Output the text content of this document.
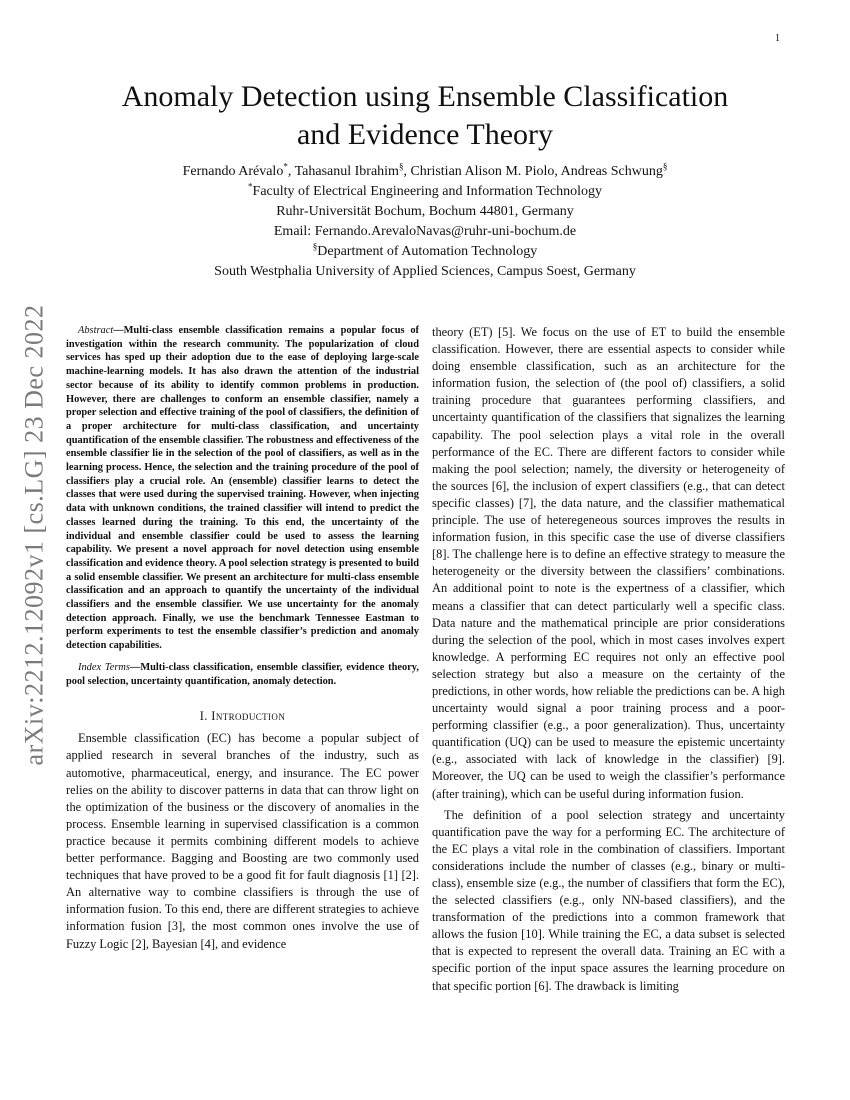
1
arXiv:2212.12092v1 [cs.LG] 23 Dec 2022
Anomaly Detection using Ensemble Classification
and Evidence Theory
Fernando Arévalo*, Tahasanul Ibrahim§, Christian Alison M. Piolo, Andreas Schwung§
*Faculty of Electrical Engineering and Information Technology
Ruhr-Universität Bochum, Bochum 44801, Germany
Email: Fernando.ArevaloNavas@ruhr-uni-bochum.de
§Department of Automation Technology
South Westphalia University of Applied Sciences, Campus Soest, Germany

Abstract—Multi-class ensemble classification remains a popular focus of investigation within the research community. The popularization of cloud services has sped up their adoption due to the ease of deploying large-scale machine-learning models. It has also drawn the attention of the industrial sector because of its ability to identify common problems in production. However, there are challenges to conform an ensemble classifier, namely a proper selection and effective training of the pool of classifiers, the definition of a proper architecture for multi-class classification, and uncertainty quantification of the ensemble classifier. The robustness and effectiveness of the ensemble classifier lie in the selection of the pool of classifiers, as well as in the learning process. Hence, the selection and the training procedure of the pool of classifiers play a crucial role. An (ensemble) classifier learns to detect the classes that were used during the supervised training. However, when injecting data with unknown conditions, the trained classifier will intend to predict the classes learned during the training. To this end, the uncertainty of the individual and ensemble classifier could be used to assess the learning capability. We present a novel approach for novel detection using ensemble classification and evidence theory. A pool selection strategy is presented to build a solid ensemble classifier. We present an architecture for multi-class ensemble classification and an approach to quantify the uncertainty of the individual classifiers and the ensemble classifier. We use uncertainty for the anomaly detection approach. Finally, we use the benchmark Tennessee Eastman to perform experiments to test the ensemble classifier’s prediction and anomaly detection capabilities.

Index Terms—Multi-class classification, ensemble classifier, evidence theory, pool selection, uncertainty quantification, anomaly detection.

I. Introduction

Ensemble classification (EC) has become a popular subject of applied research in several branches of the industry, such as automotive, pharmaceutical, energy, and insurance. The EC power relies on the ability to discover patterns in data that can throw light on the optimization of the business or the discovery of anomalies in the process. Ensemble learning in supervised classification is a common practice because it permits combining different models to achieve better performance. Bagging and Boosting are two commonly used techniques that have proved to be a good fit for fault diagnosis [1] [2]. An alternative way to combine classifiers is through the use of information fusion. To this end, there are different strategies to achieve information fusion [3], the most common ones involve the use of Fuzzy Logic [2], Bayesian [4], and evidence

theory (ET) [5]. We focus on the use of ET to build the ensemble classification. However, there are essential aspects to consider while doing ensemble classification, such as an architecture for the information fusion, the selection of (the pool of) classifiers, a solid training procedure that guarantees performing classifiers, and uncertainty quantification of the classifiers that signalizes the learning capability. The pool selection plays a vital role in the overall performance of the EC. There are different factors to consider while making the pool selection; namely, the diversity or heterogeneity of the sources [6], the inclusion of expert classifiers (e.g., that can detect specific classes) [7], the data nature, and the classifier mathematical principle. The use of heteregeneous sources improves the results in information fusion, in this specific case the use of diverse classifiers [8]. The challenge here is to define an effective strategy to measure the heterogeneity or the diversity between the classifiers’ combinations. An additional point to note is the expertness of a classifier, which means a classifier that can detect particularly well a specific class. Data nature and the mathematical principle are prior considerations during the selection of the pool, which in most cases involves expert knowledge. A performing EC requires not only an effective pool selection strategy but also a measure on the certainty of the predictions, in other words, how reliable the predictions can be. A high uncertainty would signal a poor training process and a poor-performing classifier (e.g., a poor generalization). Thus, uncertainty quantification (UQ) can be used to measure the epistemic uncertainty (e.g., associated with lack of knowledge in the classifier) [9]. Moreover, the UQ can be used to weigh the classifier’s performance (after training), which can be useful during information fusion.

The definition of a pool selection strategy and uncertainty quantification pave the way for a performing EC. The architecture of the EC plays a vital role in the combination of classifiers. Important considerations include the number of classes (e.g., binary or multi-class), ensemble size (e.g., the number of classifiers that form the EC), the selected classifiers (e.g., only NN-based classifiers), and the transformation of the predictions into a common framework that allows the fusion [10]. While training the EC, a data subset is selected that is expected to represent the overall data. Training an EC with a specific portion of the input space assures the learning procedure on that specific portion [6]. The drawback is limiting
